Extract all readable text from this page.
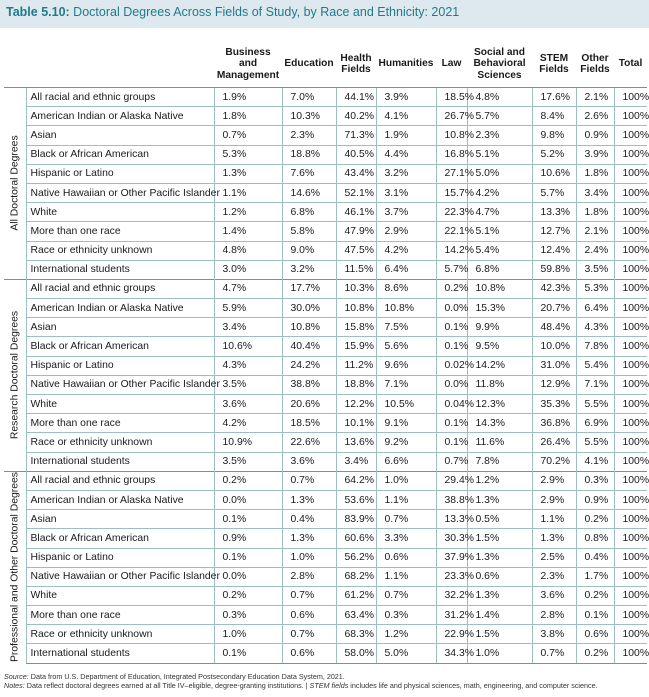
Table 5.10: Doctoral Degrees Across Fields of Study, by Race and Ethnicity: 2021
		Business and
Management	Education	Health
Fields	Humanities	Law	Social and
Behavioral
Sciences	STEM
Fields	Other
Fields	Total

All Doctoral Degrees	All racial and ethnic groups	1.9%	7.0%	44.1%	3.9%	18.5%	4.8%	17.6%	2.1%	100%
	American Indian or Alaska Native	1.8%	10.3%	40.2%	4.1%	26.7%	5.7%	8.4%	2.6%	100%
	Asian	0.7%	2.3%	71.3%	1.9%	10.8%	2.3%	9.8%	0.9%	100%
	Black or African American	5.3%	18.8%	40.5%	4.4%	16.8%	5.1%	5.2%	3.9%	100%
	Hispanic or Latino	1.3%	7.6%	43.4%	3.2%	27.1%	5.0%	10.6%	1.8%	100%
	Native Hawaiian or Other Pacific Islander	1.1%	14.6%	52.1%	3.1%	15.7%	4.2%	5.7%	3.4%	100%
	White	1.2%	6.8%	46.1%	3.7%	22.3%	4.7%	13.3%	1.8%	100%
	More than one race	1.4%	5.8%	47.9%	2.9%	22.1%	5.1%	12.7%	2.1%	100%
	Race or ethnicity unknown	4.8%	9.0%	47.5%	4.2%	14.2%	5.4%	12.4%	2.4%	100%
	International students	3.0%	3.2%	11.5%	6.4%	5.7%	6.8%	59.8%	3.5%	100%

Research Doctoral Degrees	All racial and ethnic groups	4.7%	17.7%	10.3%	8.6%	0.2%	10.8%	42.3%	5.3%	100%
	American Indian or Alaska Native	5.9%	30.0%	10.8%	10.8%	0.0%	15.3%	20.7%	6.4%	100%
	Asian	3.4%	10.8%	15.8%	7.5%	0.1%	9.9%	48.4%	4.3%	100%
	Black or African American	10.6%	40.4%	15.9%	5.6%	0.1%	9.5%	10.0%	7.8%	100%
	Hispanic or Latino	4.3%	24.2%	11.2%	9.6%	0.02%	14.2%	31.0%	5.4%	100%
	Native Hawaiian or Other Pacific Islander	3.5%	38.8%	18.8%	7.1%	0.0%	11.8%	12.9%	7.1%	100%
	White	3.6%	20.6%	12.2%	10.5%	0.04%	12.3%	35.3%	5.5%	100%
	More than one race	4.2%	18.5%	10.1%	9.1%	0.1%	14.3%	36.8%	6.9%	100%
	Race or ethnicity unknown	10.9%	22.6%	13.6%	9.2%	0.1%	11.6%	26.4%	5.5%	100%
	International students	3.5%	3.6%	3.4%	6.6%	0.7%	7.8%	70.2%	4.1%	100%

Professional and Other Doctoral Degrees	All racial and ethnic groups	0.2%	0.7%	64.2%	1.0%	29.4%	1.2%	2.9%	0.3%	100%
	American Indian or Alaska Native	0.0%	1.3%	53.6%	1.1%	38.8%	1.3%	2.9%	0.9%	100%
	Asian	0.1%	0.4%	83.9%	0.7%	13.3%	0.5%	1.1%	0.2%	100%
	Black or African American	0.9%	1.3%	60.6%	3.3%	30.3%	1.5%	1.3%	0.8%	100%
	Hispanic or Latino	0.1%	1.0%	56.2%	0.6%	37.9%	1.3%	2.5%	0.4%	100%
	Native Hawaiian or Other Pacific Islander	0.0%	2.8%	68.2%	1.1%	23.3%	0.6%	2.3%	1.7%	100%
	White	0.2%	0.7%	61.2%	0.7%	32.2%	1.3%	3.6%	0.2%	100%
	More than one race	0.3%	0.6%	63.4%	0.3%	31.2%	1.4%	2.8%	0.1%	100%
	Race or ethnicity unknown	1.0%	0.7%	68.3%	1.2%	22.9%	1.5%	3.8%	0.6%	100%
	International students	0.1%	0.6%	58.0%	5.0%	34.3%	1.0%	0.7%	0.2%	100%
Source: Data from U.S. Department of Education, Integrated Postsecondary Education Data System, 2021.
Notes: Data reflect doctoral degrees earned at all Title IV–eligible, degree-granting institutions. | STEM fields includes life and physical sciences, math, engineering, and computer science.
